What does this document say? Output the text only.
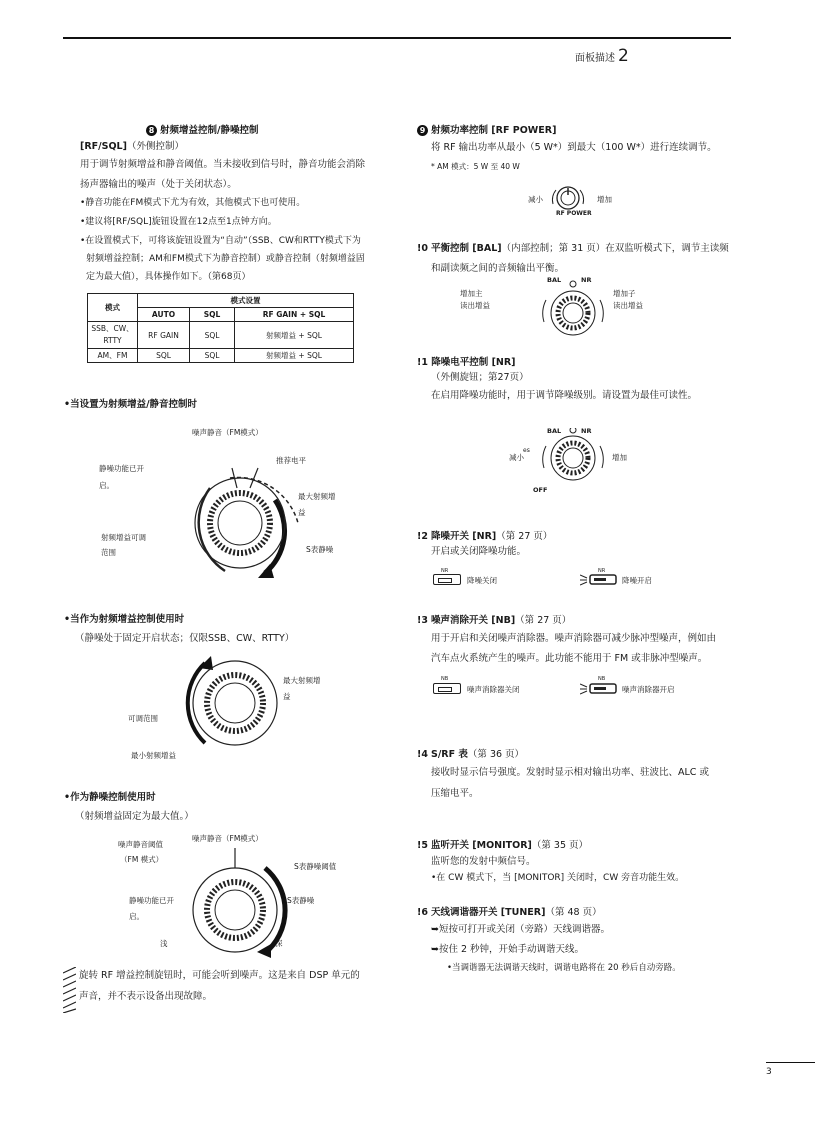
面板描述 2
3
8 射频增益控制/静噪控制
[RF/SQL]（外侧控制）
用于调节射频增益和静音阈值。当未接收到信号时，静音功能会消除
扬声器输出的噪声（处于关闭状态）。
•静音功能在FM模式下尤为有效，其他模式下也可使用。
•建议将[RF/SQL]旋钮设置在12点至1点钟方向。
•在设置模式下，可将该旋钮设置为“自动”（SSB、CW和RTTY模式下为
射频增益控制；AM和FM模式下为静音控制）或静音控制（射频增益固
定为最大值），具体操作如下。（第68页）
模式	模式设置		
	AUTO	SQL	RF GAIN + SQL
SSB、CW、
RTTY	RF GAIN	SQL	射频增益 + SQL
AM、FM	SQL	SQL	射频增益 + SQL
•当设置为射频增益/静音控制时
噪声静音（FM模式）
推荐电平
静噪功能已开
启。
最大射频增
益
射频增益可调
范围	S表静噪
•当作为射频增益控制使用时
（静噪处于固定开启状态；仅限SSB、CW、RTTY）
最大射频增
益
可调范围
最小射频增益
•作为静噪控制使用时
（射频增益固定为最大值。）
噪声静音阈值
（FM 模式）
噪声静音（FM模式）
S表静噪阈值
静噪功能已开
启。
S表静噪
浅	深
旋转 RF 增益控制旋钮时，可能会听到噪声。这是来自 DSP 单元的
声音，并不表示设备出现故障。
9 射频功率控制 [RF POWER]
将 RF 输出功率从最小（5 W*）到最大（100 W*）进行连续调节。
* AM 模式：5 W 至 40 W
减小	增加
RF POWER
!0 平衡控制 [BAL]（内部控制；第 31 页）在双监听模式下，调节主读频
和副读频之间的音频输出平衡。
BAL	NR
增加主
读出增益
增加子
读出增益
!1 降噪电平控制 [NR]
（外侧旋钮；第27页）
在启用降噪功能时，用于调节降噪级别。请设置为最佳可读性。
BAL	NR
es
减小	增加
OFF
!2 降噪开关 [NR]（第 27 页）
开启或关闭降噪功能。
NR
降噪关闭
NR
降噪开启
!3 噪声消除开关 [NB]（第 27 页）
用于开启和关闭噪声消除器。噪声消除器可减少脉冲型噪声，例如由
汽车点火系统产生的噪声。此功能不能用于 FM 或非脉冲型噪声。
NB
噪声消除器关闭
NB
噪声消除器开启
!4 S/RF 表（第 36 页）
接收时显示信号强度。发射时显示相对输出功率、驻波比、ALC 或
压缩电平。
!5 监听开关 [MONITOR]（第 35 页）
监听您的发射中频信号。
•在 CW 模式下，当 [MONITOR] 关闭时，CW 旁音功能生效。
!6 天线调谐器开关 [TUNER]（第 48 页）
➥短按可打开或关闭（旁路）天线调谐器。
➥按住 2 秒钟，开始手动调谐天线。
•当调谐器无法调谐天线时，调谐电路将在 20 秒后自动旁路。
